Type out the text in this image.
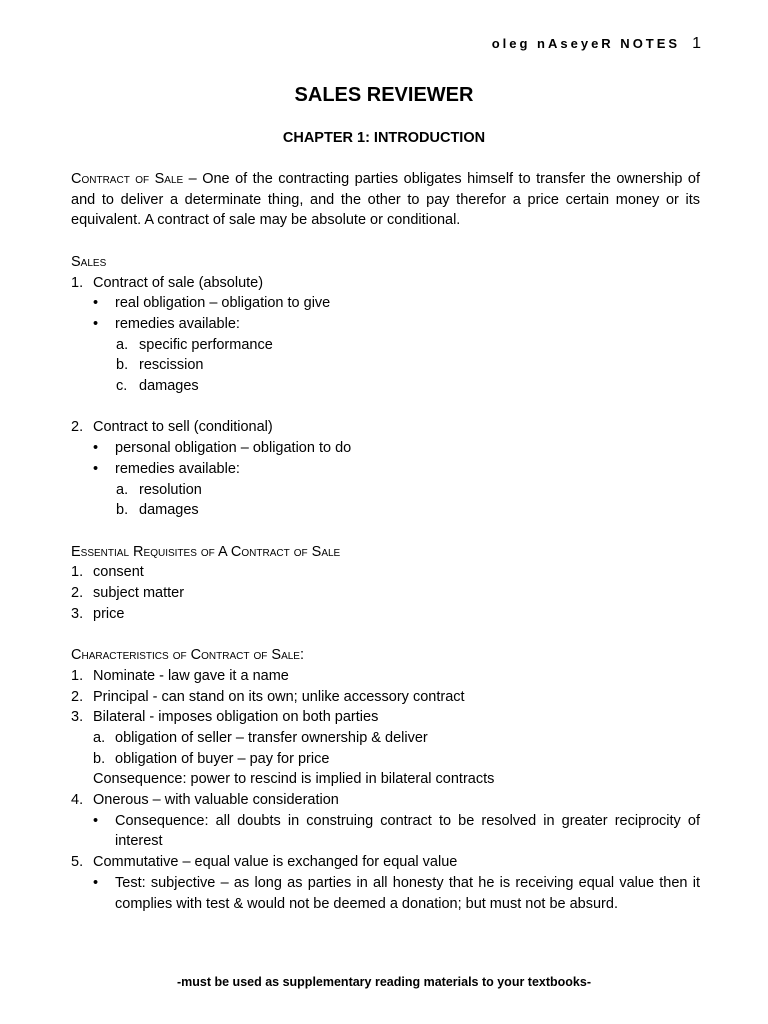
oleg nAseyeR NOTES 1
SALES REVIEWER
CHAPTER 1: INTRODUCTION

Contract of Sale – One of the contracting parties obligates himself to transfer the ownership of and to deliver a determinate thing, and the other to pay therefor a price certain money or its equivalent. A contract of sale may be absolute or conditional.

Sales

1. Contract of sale (absolute)
•	real obligation – obligation to give
•	remedies available:
a. specific performance
b. rescission
c. damages
2. Contract to sell (conditional)
•	personal obligation – obligation to do
•	remedies available:
a. resolution
b. damages

Essential Requisites of A Contract of Sale

1. consent
2. subject matter
3. price

Characteristics of Contract of Sale:

1. Nominate - law gave it a name
2. Principal - can stand on its own; unlike accessory contract
3. Bilateral - imposes obligation on both parties
a. obligation of seller – transfer ownership & deliver
b. obligation of buyer – pay for price
Consequence: power to rescind is implied in bilateral contracts
4. Onerous – with valuable consideration
•	Consequence: all doubts in construing contract to be resolved in greater reciprocity of interest
5. Commutative – equal value is exchanged for equal value
•	Test: subjective – as long as parties in all honesty that he is receiving equal value then it complies with test & would not be deemed a donation; but must not be absurd.
-must be used as supplementary reading materials to your textbooks-
